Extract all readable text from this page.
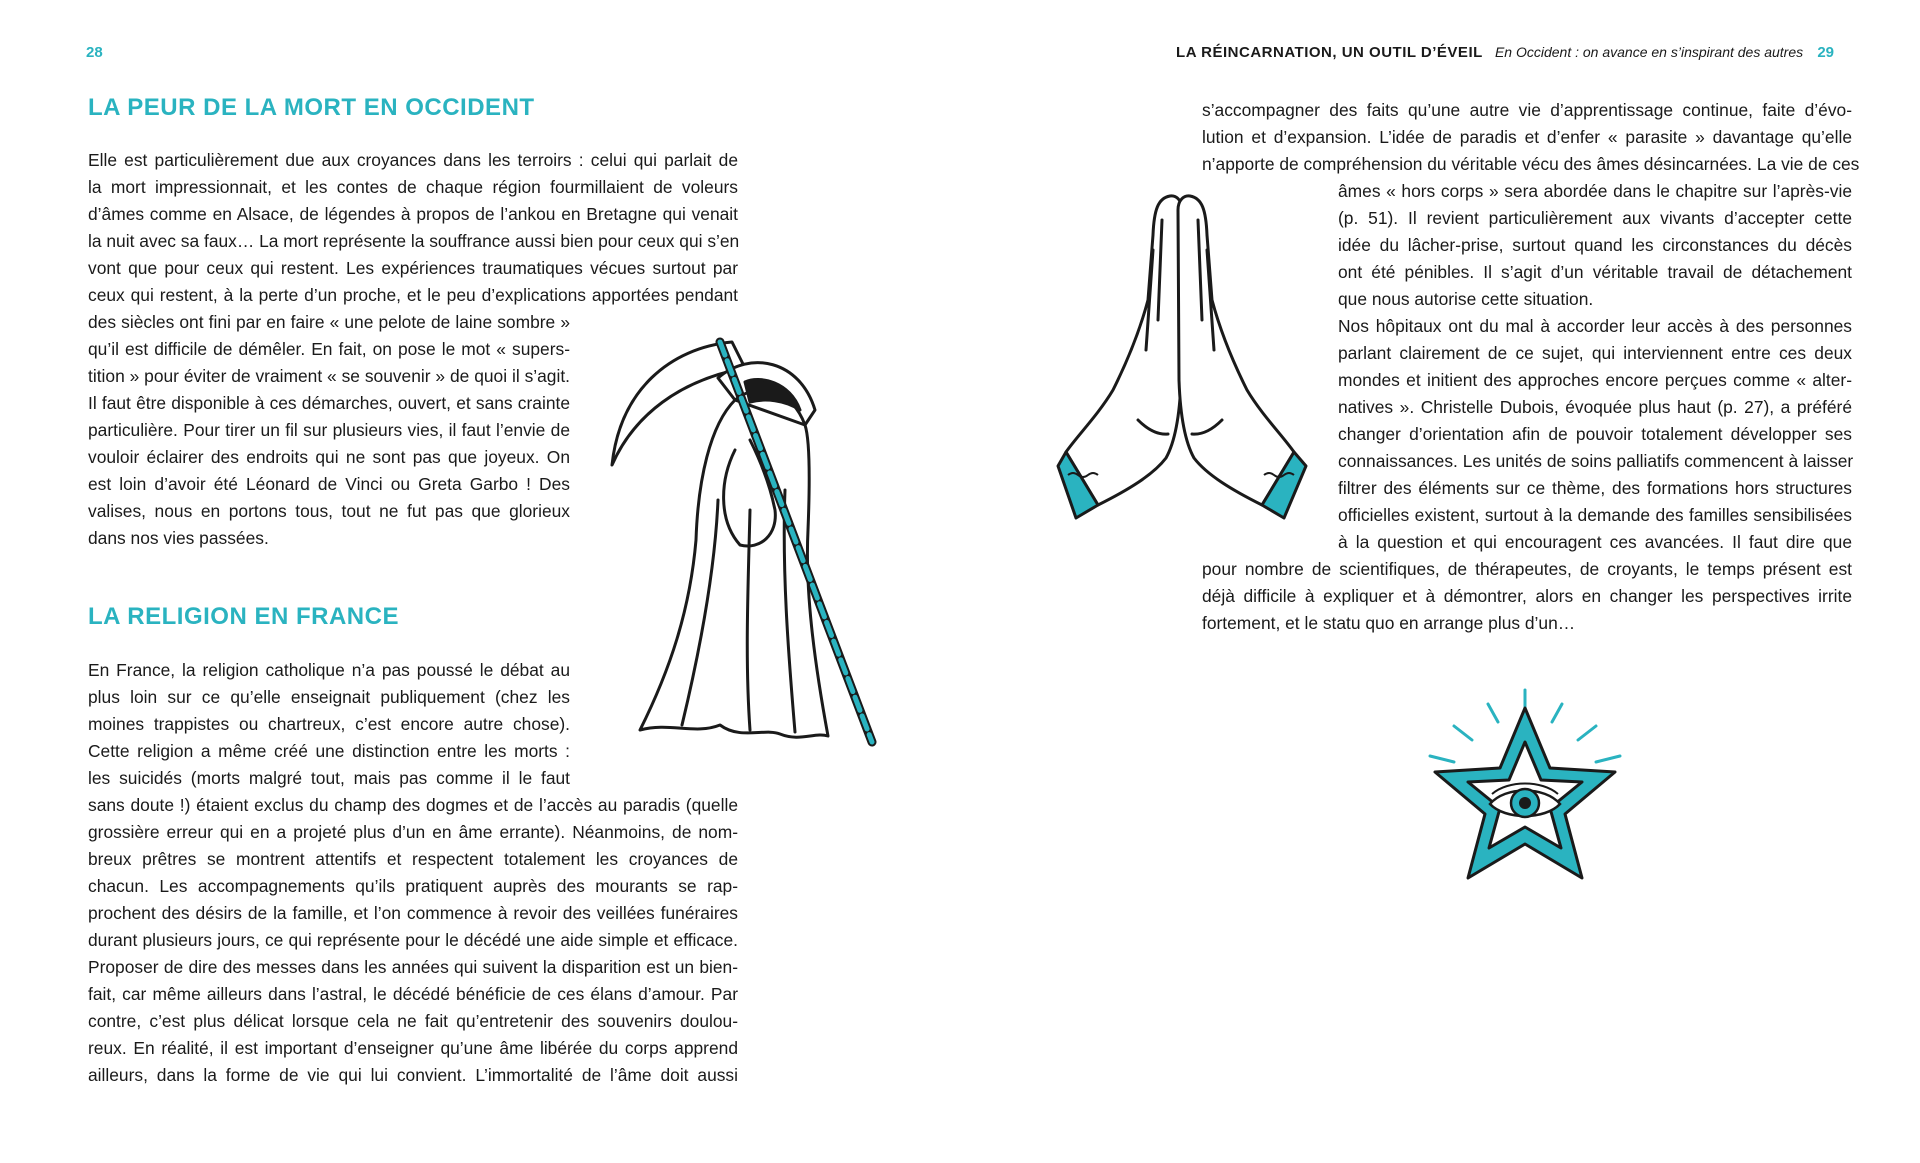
28
LA PEUR DE LA MORT EN OCCIDENT
Elle est particulièrement due aux croyances dans les terroirs : celui qui parlait de
la mort impressionnait, et les contes de chaque région fourmillaient de voleurs
d’âmes comme en Alsace, de légendes à propos de l’ankou en Bretagne qui venait
la nuit avec sa faux… La mort représente la souffrance aussi bien pour ceux qui s’en
vont que pour ceux qui restent. Les expériences traumatiques vécues surtout par
ceux qui restent, à la perte d’un proche, et le peu d’explications apportées pendant
des siècles ont fini par en faire « une pelote de laine sombre »
qu’il est difficile de démêler. En fait, on pose le mot « supers-
tition » pour éviter de vraiment « se souvenir » de quoi il s’agit.
Il faut être disponible à ces démarches, ouvert, et sans crainte
particulière. Pour tirer un fil sur plusieurs vies, il faut l’envie de
vouloir éclairer des endroits qui ne sont pas que joyeux. On
est loin d’avoir été Léonard de Vinci ou Greta Garbo ! Des
valises, nous en portons tous, tout ne fut pas que glorieux
dans nos vies passées.
LA RELIGION EN FRANCE
En France, la religion catholique n’a pas poussé le débat au
plus loin sur ce qu’elle enseignait publiquement (chez les
moines trappistes ou chartreux, c’est encore autre chose).
Cette religion a même créé une distinction entre les morts :
les suicidés (morts malgré tout, mais pas comme il le faut
sans doute !) étaient exclus du champ des dogmes et de l’accès au paradis (quelle
grossière erreur qui en a projeté plus d’un en âme errante). Néanmoins, de nom-
breux prêtres se montrent attentifs et respectent totalement les croyances de
chacun. Les accompagnements qu’ils pratiquent auprès des mourants se rap-
prochent des désirs de la famille, et l’on commence à revoir des veillées funéraires
durant plusieurs jours, ce qui représente pour le décédé une aide simple et efficace.
Proposer de dire des messes dans les années qui suivent la disparition est un bien-
fait, car même ailleurs dans l’astral, le décédé bénéficie de ces élans d’amour. Par
contre, c’est plus délicat lorsque cela ne fait qu’entretenir des souvenirs doulou-
reux. En réalité, il est important d’enseigner qu’une âme libérée du corps apprend
ailleurs, dans la forme de vie qui lui convient. L’immortalité de l’âme doit aussi
LA RÉINCARNATION, UN OUTIL D’ÉVEIL En Occident : on avance en s’inspirant des autres 29
s’accompagner des faits qu’une autre vie d’apprentissage continue, faite d’évo-
lution et d’expansion. L’idée de paradis et d’enfer « parasite » davantage qu’elle
n’apporte de compréhension du véritable vécu des âmes désincarnées. La vie de ces
âmes « hors corps » sera abordée dans le chapitre sur l’après-vie
(p. 51). Il revient particulièrement aux vivants d’accepter cette
idée du lâcher-prise, surtout quand les circonstances du décès
ont été pénibles. Il s’agit d’un véritable travail de détachement
que nous autorise cette situation.
Nos hôpitaux ont du mal à accorder leur accès à des personnes
parlant clairement de ce sujet, qui interviennent entre ces deux
mondes et initient des approches encore perçues comme « alter-
natives ». Christelle Dubois, évoquée plus haut (p. 27), a préféré
changer d’orientation afin de pouvoir totalement développer ses
connaissances. Les unités de soins palliatifs commencent à laisser
filtrer des éléments sur ce thème, des formations hors structures
officielles existent, surtout à la demande des familles sensibilisées
à la question et qui encouragent ces avancées. Il faut dire que
pour nombre de scientifiques, de thérapeutes, de croyants, le temps présent est
déjà difficile à expliquer et à démontrer, alors en changer les perspectives irrite
fortement, et le statu quo en arrange plus d’un…
